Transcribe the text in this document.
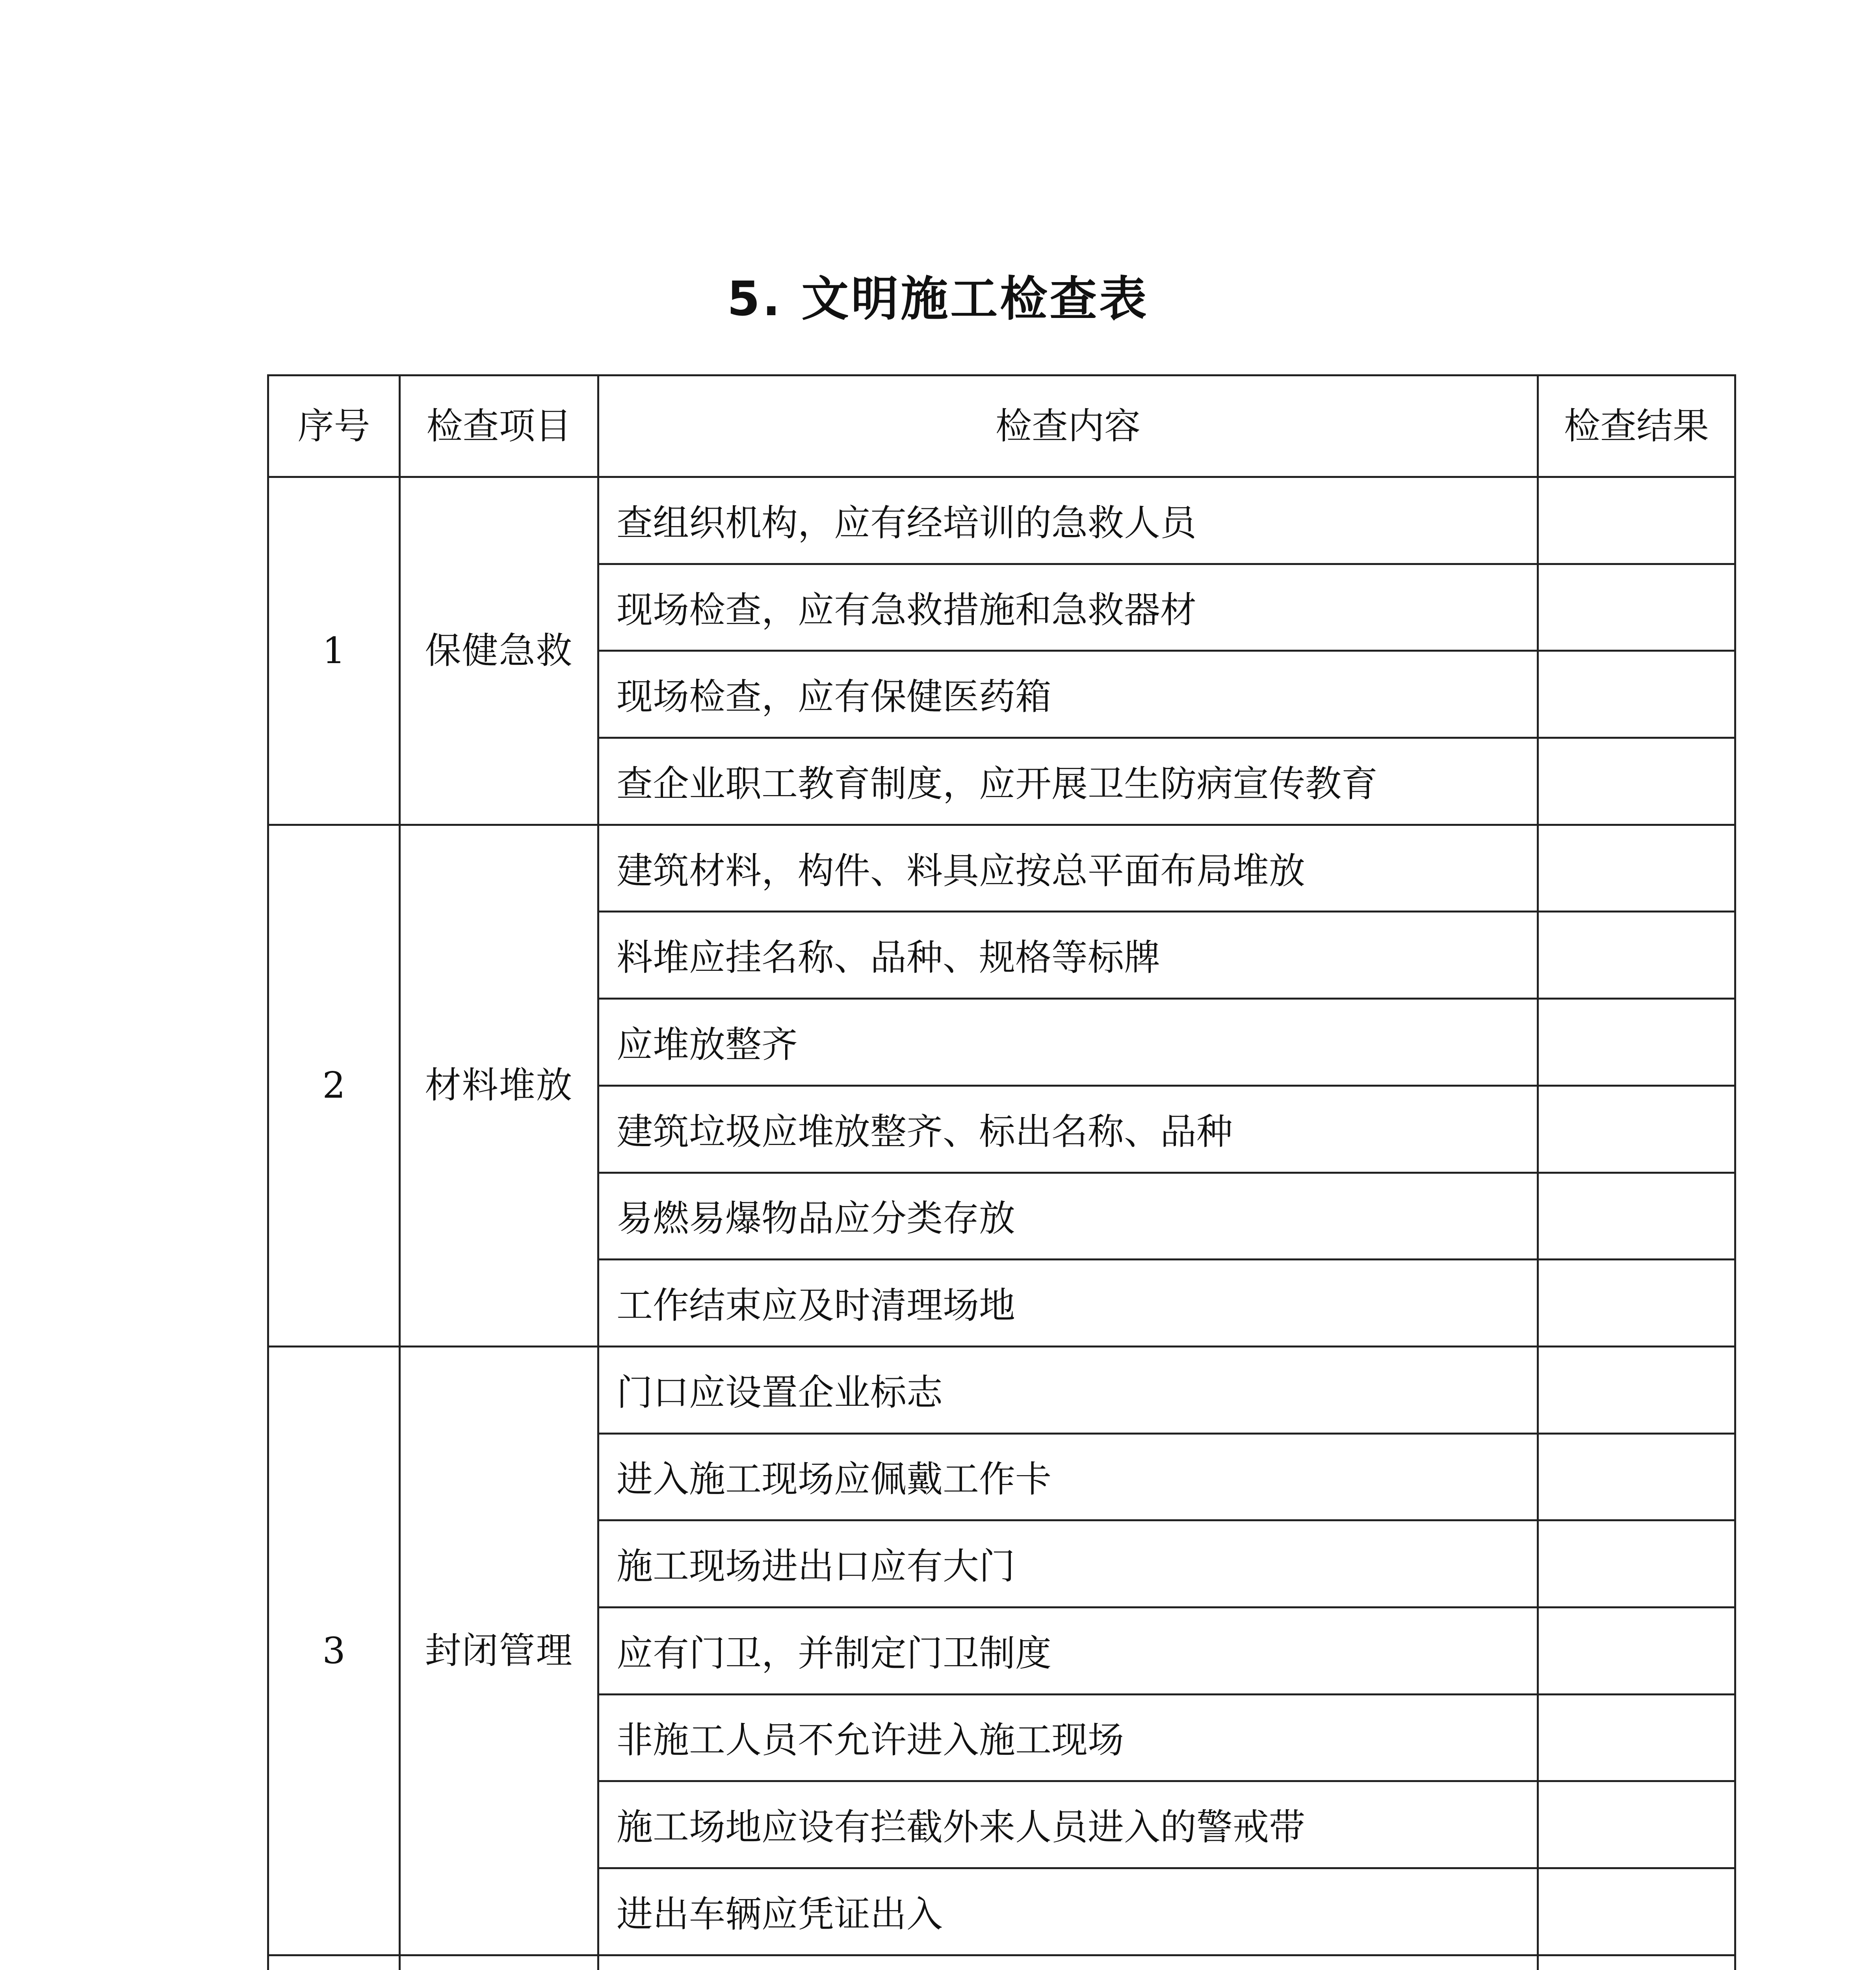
5. 文明施工检查表
序号	检查项目	检查内容	检查结果
1	保健急救	查组织机构，应有经培训的急救人员	
		现场检查，应有急救措施和急救器材	
		现场检查，应有保健医药箱	
		查企业职工教育制度，应开展卫生防病宣传教育	
2	材料堆放	建筑材料，构件、料具应按总平面布局堆放	
		料堆应挂名称、品种、规格等标牌	
		应堆放整齐	
		建筑垃圾应堆放整齐、标出名称、品种	
		易燃易爆物品应分类存放	
		工作结束应及时清理场地	
3	封闭管理	门口应设置企业标志	
		进入施工现场应佩戴工作卡	
		施工现场进出口应有大门	
		应有门卫，并制定门卫制度	
		非施工人员不允许进入施工现场	
		施工场地应设有拦截外来人员进入的警戒带	
		进出车辆应凭证出入	
